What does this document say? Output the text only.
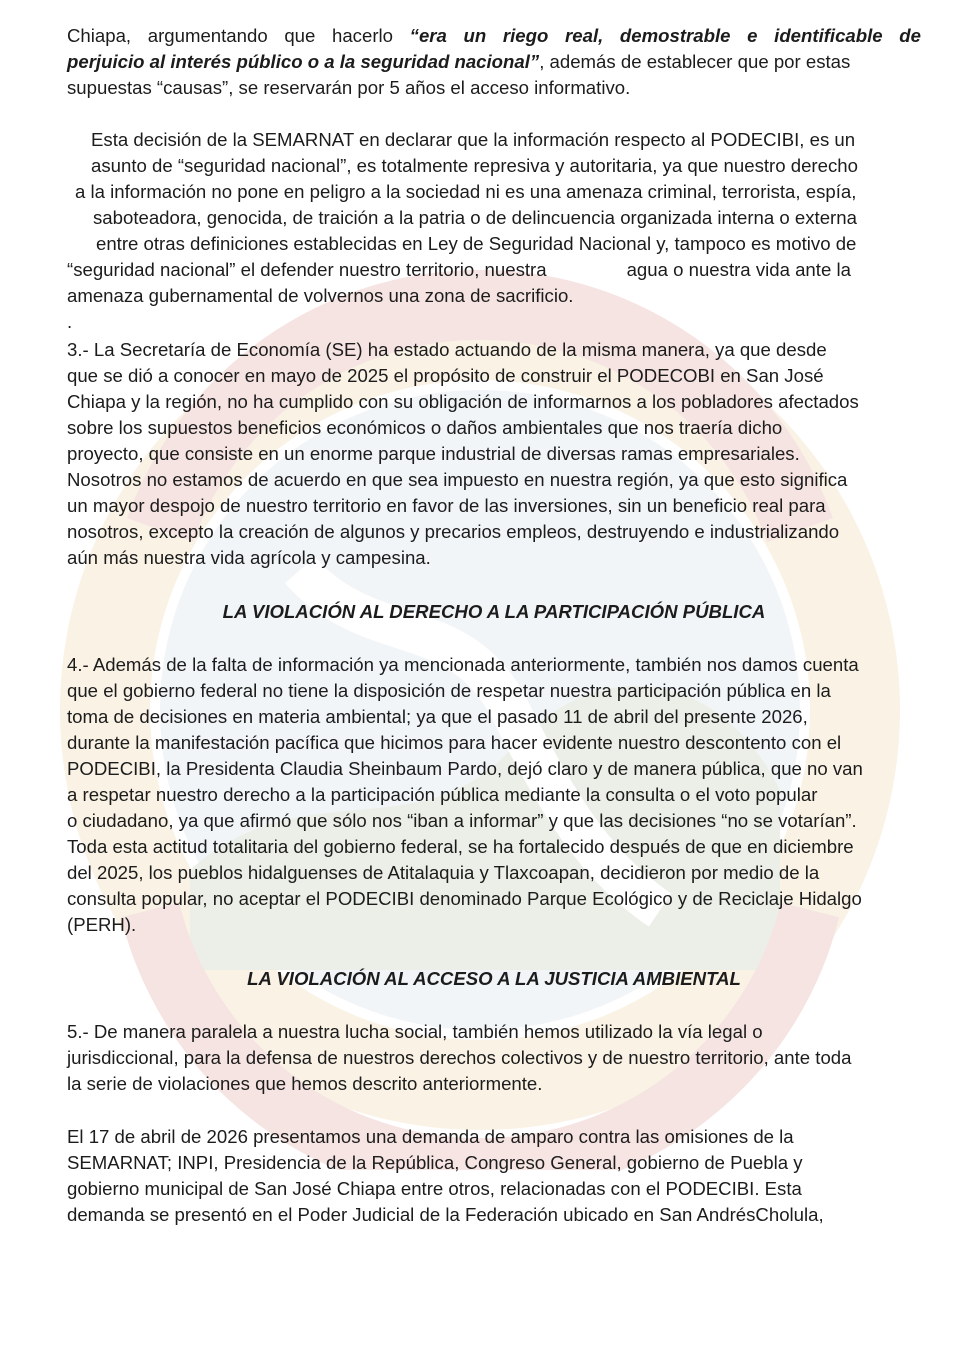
Chiapa, argumentando que hacerlo “era un riego real, demostrable e identificable de
perjuicio al interés público o a la seguridad nacional”, además de establecer que por estas
supuestas “causas”, se reservarán por 5 años el acceso informativo.
Esta decisión de la SEMARNAT en declarar que la información respecto al PODECIBI, es un
asunto de “seguridad nacional”, es totalmente represiva y autoritaria, ya que nuestro derecho
a la información no pone en peligro a la sociedad ni es una amenaza criminal, terrorista, espía,
saboteadora, genocida, de traición a la patria o de delincuencia organizada interna o externa
entre otras definiciones establecidas en Ley de Seguridad Nacional y, tampoco es motivo de
“seguridad nacional” el defender nuestro territorio, nuestra	agua o nuestra vida ante la
amenaza gubernamental de volvernos una zona de sacrificio.
.
3.- La Secretaría de Economía (SE) ha estado actuando de la misma manera, ya que desde
que se dió a conocer en mayo de 2025 el propósito de construir el PODECOBI en San José
Chiapa y la región, no ha cumplido con su obligación de informarnos a los pobladores afectados
sobre los supuestos beneficios económicos o daños ambientales que nos traería dicho
proyecto, que consiste en un enorme parque industrial de diversas ramas empresariales.
Nosotros no estamos de acuerdo en que sea impuesto en nuestra región, ya que esto significa
un mayor despojo de nuestro territorio en favor de las inversiones, sin un beneficio real para
nosotros, excepto la creación de algunos y precarios empleos, destruyendo e industrializando
aún más nuestra vida agrícola y campesina.
LA VIOLACIÓN AL DERECHO A LA PARTICIPACIÓN PÚBLICA
4.- Además de la falta de información ya mencionada anteriormente, también nos damos cuenta
que el gobierno federal no tiene la disposición de respetar nuestra participación pública en la
toma de decisiones en materia ambiental; ya que el pasado 11 de abril del presente 2026,
durante la manifestación pacífica que hicimos para hacer evidente nuestro descontento con el
PODECIBI, la Presidenta Claudia Sheinbaum Pardo, dejó claro y de manera pública, que no van
a respetar nuestro derecho a la participación pública mediante la consulta o el voto popular
o ciudadano, ya que afirmó que sólo nos “iban a informar” y que las decisiones “no se votarían”.
Toda esta actitud totalitaria del gobierno federal, se ha fortalecido después de que en diciembre
del 2025, los pueblos hidalguenses de Atitalaquia y Tlaxcoapan, decidieron por medio de la
consulta popular, no aceptar el PODECIBI denominado Parque Ecológico y de Reciclaje Hidalgo
(PERH).
LA VIOLACIÓN AL ACCESO A LA JUSTICIA AMBIENTAL
5.- De manera paralela a nuestra lucha social, también hemos utilizado la vía legal o
jurisdiccional, para la defensa de nuestros derechos colectivos y de nuestro territorio, ante toda
la serie de violaciones que hemos descrito anteriormente.
El 17 de abril de 2026 presentamos una demanda de amparo contra las omisiones de la
SEMARNAT; INPI, Presidencia de la República, Congreso General, gobierno de Puebla y
gobierno municipal de San José Chiapa entre otros, relacionadas con el PODECIBI. Esta
demanda se presentó en el Poder Judicial de la Federación ubicado en San AndrésCholula,
